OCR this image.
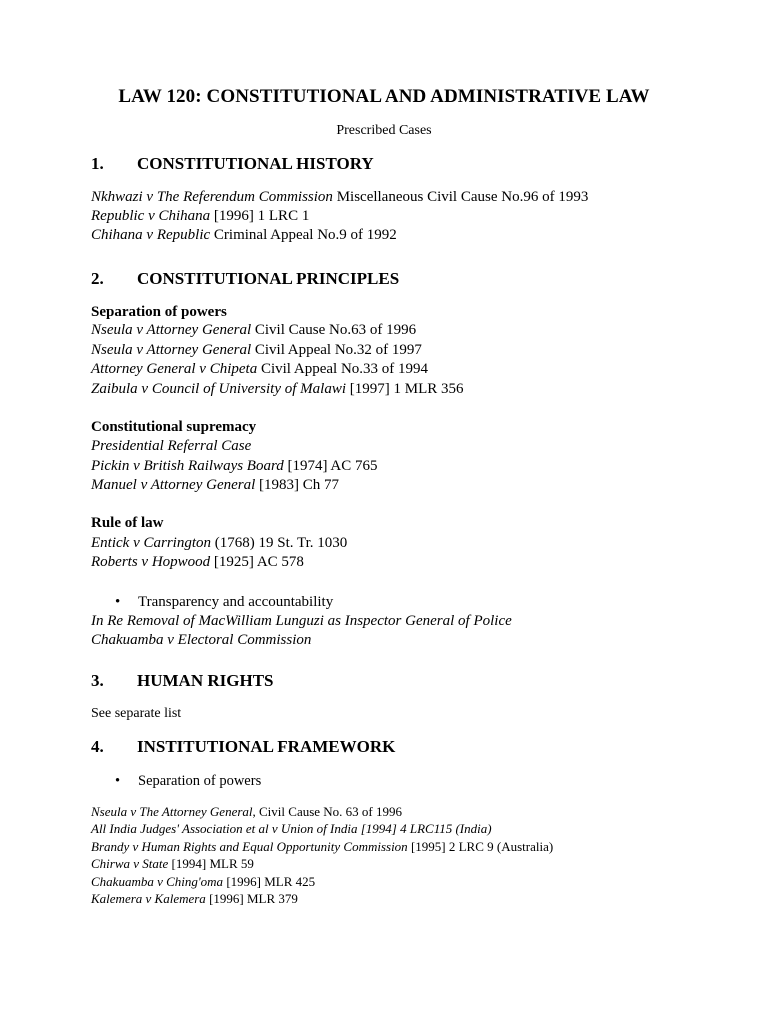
LAW 120: CONSTITUTIONAL AND ADMINISTRATIVE LAW
Prescribed Cases
1. CONSTITUTIONAL HISTORY
Nkhwazi v The Referendum Commission Miscellaneous Civil Cause No.96 of 1993
Republic v Chihana [1996] 1 LRC 1
Chihana v Republic Criminal Appeal No.9 of 1992
2. CONSTITUTIONAL PRINCIPLES
Separation of powers
Nseula v Attorney General Civil Cause No.63 of 1996
Nseula v Attorney General Civil Appeal No.32 of 1997
Attorney General v Chipeta Civil Appeal No.33 of 1994
Zaibula v Council of University of Malawi [1997] 1 MLR 356
Constitutional supremacy
Presidential Referral Case
Pickin v British Railways Board [1974] AC 765
Manuel v Attorney General [1983] Ch 77
Rule of law
Entick v Carrington (1768) 19 St. Tr. 1030
Roberts v Hopwood [1925] AC 578
• Transparency and accountability
In Re Removal of MacWilliam Lunguzi as Inspector General of Police
Chakuamba v Electoral Commission
3. HUMAN RIGHTS
See separate list
4. INSTITUTIONAL FRAMEWORK
• Separation of powers
Nseula v The Attorney General, Civil Cause No. 63 of 1996
All India Judges' Association et al v Union of India [1994] 4 LRC115 (India)
Brandy v Human Rights and Equal Opportunity Commission [1995] 2 LRC 9 (Australia)
Chirwa v State [1994] MLR 59
Chakuamba v Ching'oma [1996] MLR 425
Kalemera v Kalemera [1996] MLR 379
